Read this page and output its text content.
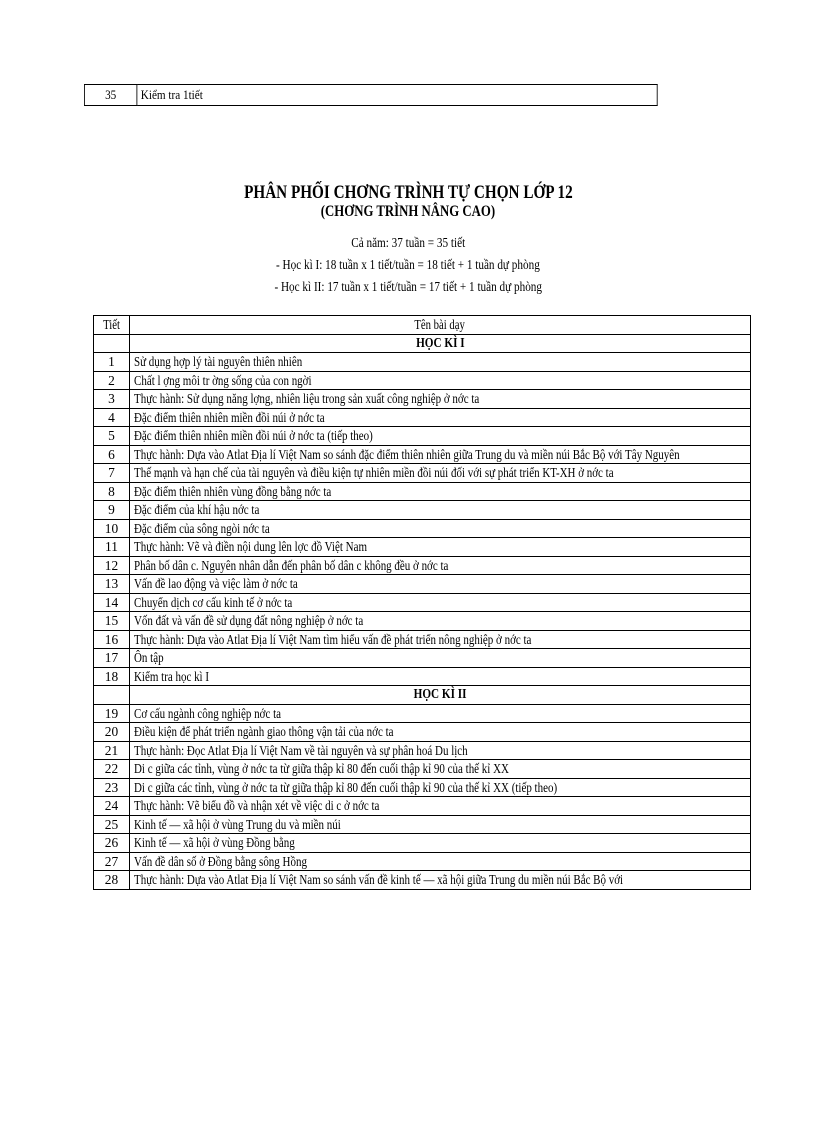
35	Kiểm tra 1tiết
PHÂN PHỐI CHƠNG TRÌNH TỰ CHỌN LỚP 12
(CHƠNG TRÌNH NÂNG CAO)
Cả năm: 37 tuần = 35 tiết
- Học kì I: 18 tuần x 1 tiết/tuần = 18 tiết + 1 tuần dự phòng
- Học kì II: 17 tuần x 1 tiết/tuần = 17 tiết + 1 tuần dự phòng
Tiết	Tên bài dạy
	HỌC KÌ I
1	Sử dụng hợp lý tài nguyên thiên nhiên

2	Chất l ợng môi tr ờng sống của con ngời

3	Thực hành: Sử dụng năng lợng, nhiên liệu trong sản xuất công nghiệp ở nớc ta

4	Đặc điểm thiên nhiên miền đồi núi ở nớc ta

5	Đặc điểm thiên nhiên miền đồi núi ở nớc ta (tiếp theo)

6	Thực hành: Dựa vào Atlat Địa lí Việt Nam so sánh đặc điểm thiên nhiên giữa Trung du và miền núi Bắc Bộ với Tây Nguyên

7	Thế mạnh và hạn chế của tài nguyên và điều kiện tự nhiên miền đồi núi đối với sự phát triển KT-XH ở nớc ta

8	Đặc điểm thiên nhiên vùng đồng bằng nớc ta

9	Đặc điểm của khí hậu nớc ta

10	Đặc điểm của sông ngòi nớc ta

11	Thực hành: Vẽ và điền nội dung lên lợc đồ Việt Nam

12	Phân bố dân c. Nguyên nhân dẫn đến phân bố dân c không đều ở nớc ta

13	Vấn đề lao động và việc làm ở nớc ta

14	Chuyển dịch cơ cấu kinh tế ở nớc ta

15	Vốn đất và vấn đề sử dụng đất nông nghiệp ở nớc ta

16	Thực hành: Dựa vào Atlat Địa lí Việt Nam tìm hiểu vấn đề phát triển nông nghiệp ở nớc ta

17	Ôn tập

18	Kiểm tra học kì I

	HỌC KÌ II
19	Cơ cấu ngành công nghiệp nớc ta

20	Điều kiện để phát triển ngành giao thông vận tải của nớc ta

21	Thực hành: Đọc Atlat Địa lí Việt Nam về tài nguyên và sự phân hoá Du lịch

22	Di c giữa các tỉnh, vùng ở nớc ta từ giữa thập kỉ 80 đến cuối thập kỉ 90 của thế kỉ XX

23	Di c giữa các tỉnh, vùng ở nớc ta từ giữa thập kỉ 80 đến cuối thập kỉ 90 của thế kỉ XX (tiếp theo)

24	Thực hành: Vẽ biểu đồ và nhận xét về việc di c ở nớc ta

25	Kinh tế — xã hội ở vùng Trung du và miền núi

26	Kinh tế — xã hội ở vùng Đồng bằng

27	Vấn đề dân số ở Đồng bằng sông Hồng

28	Thực hành: Dựa vào Atlat Địa lí Việt Nam so sánh vấn đề kinh tế — xã hội giữa Trung du miền núi Bắc Bộ với
